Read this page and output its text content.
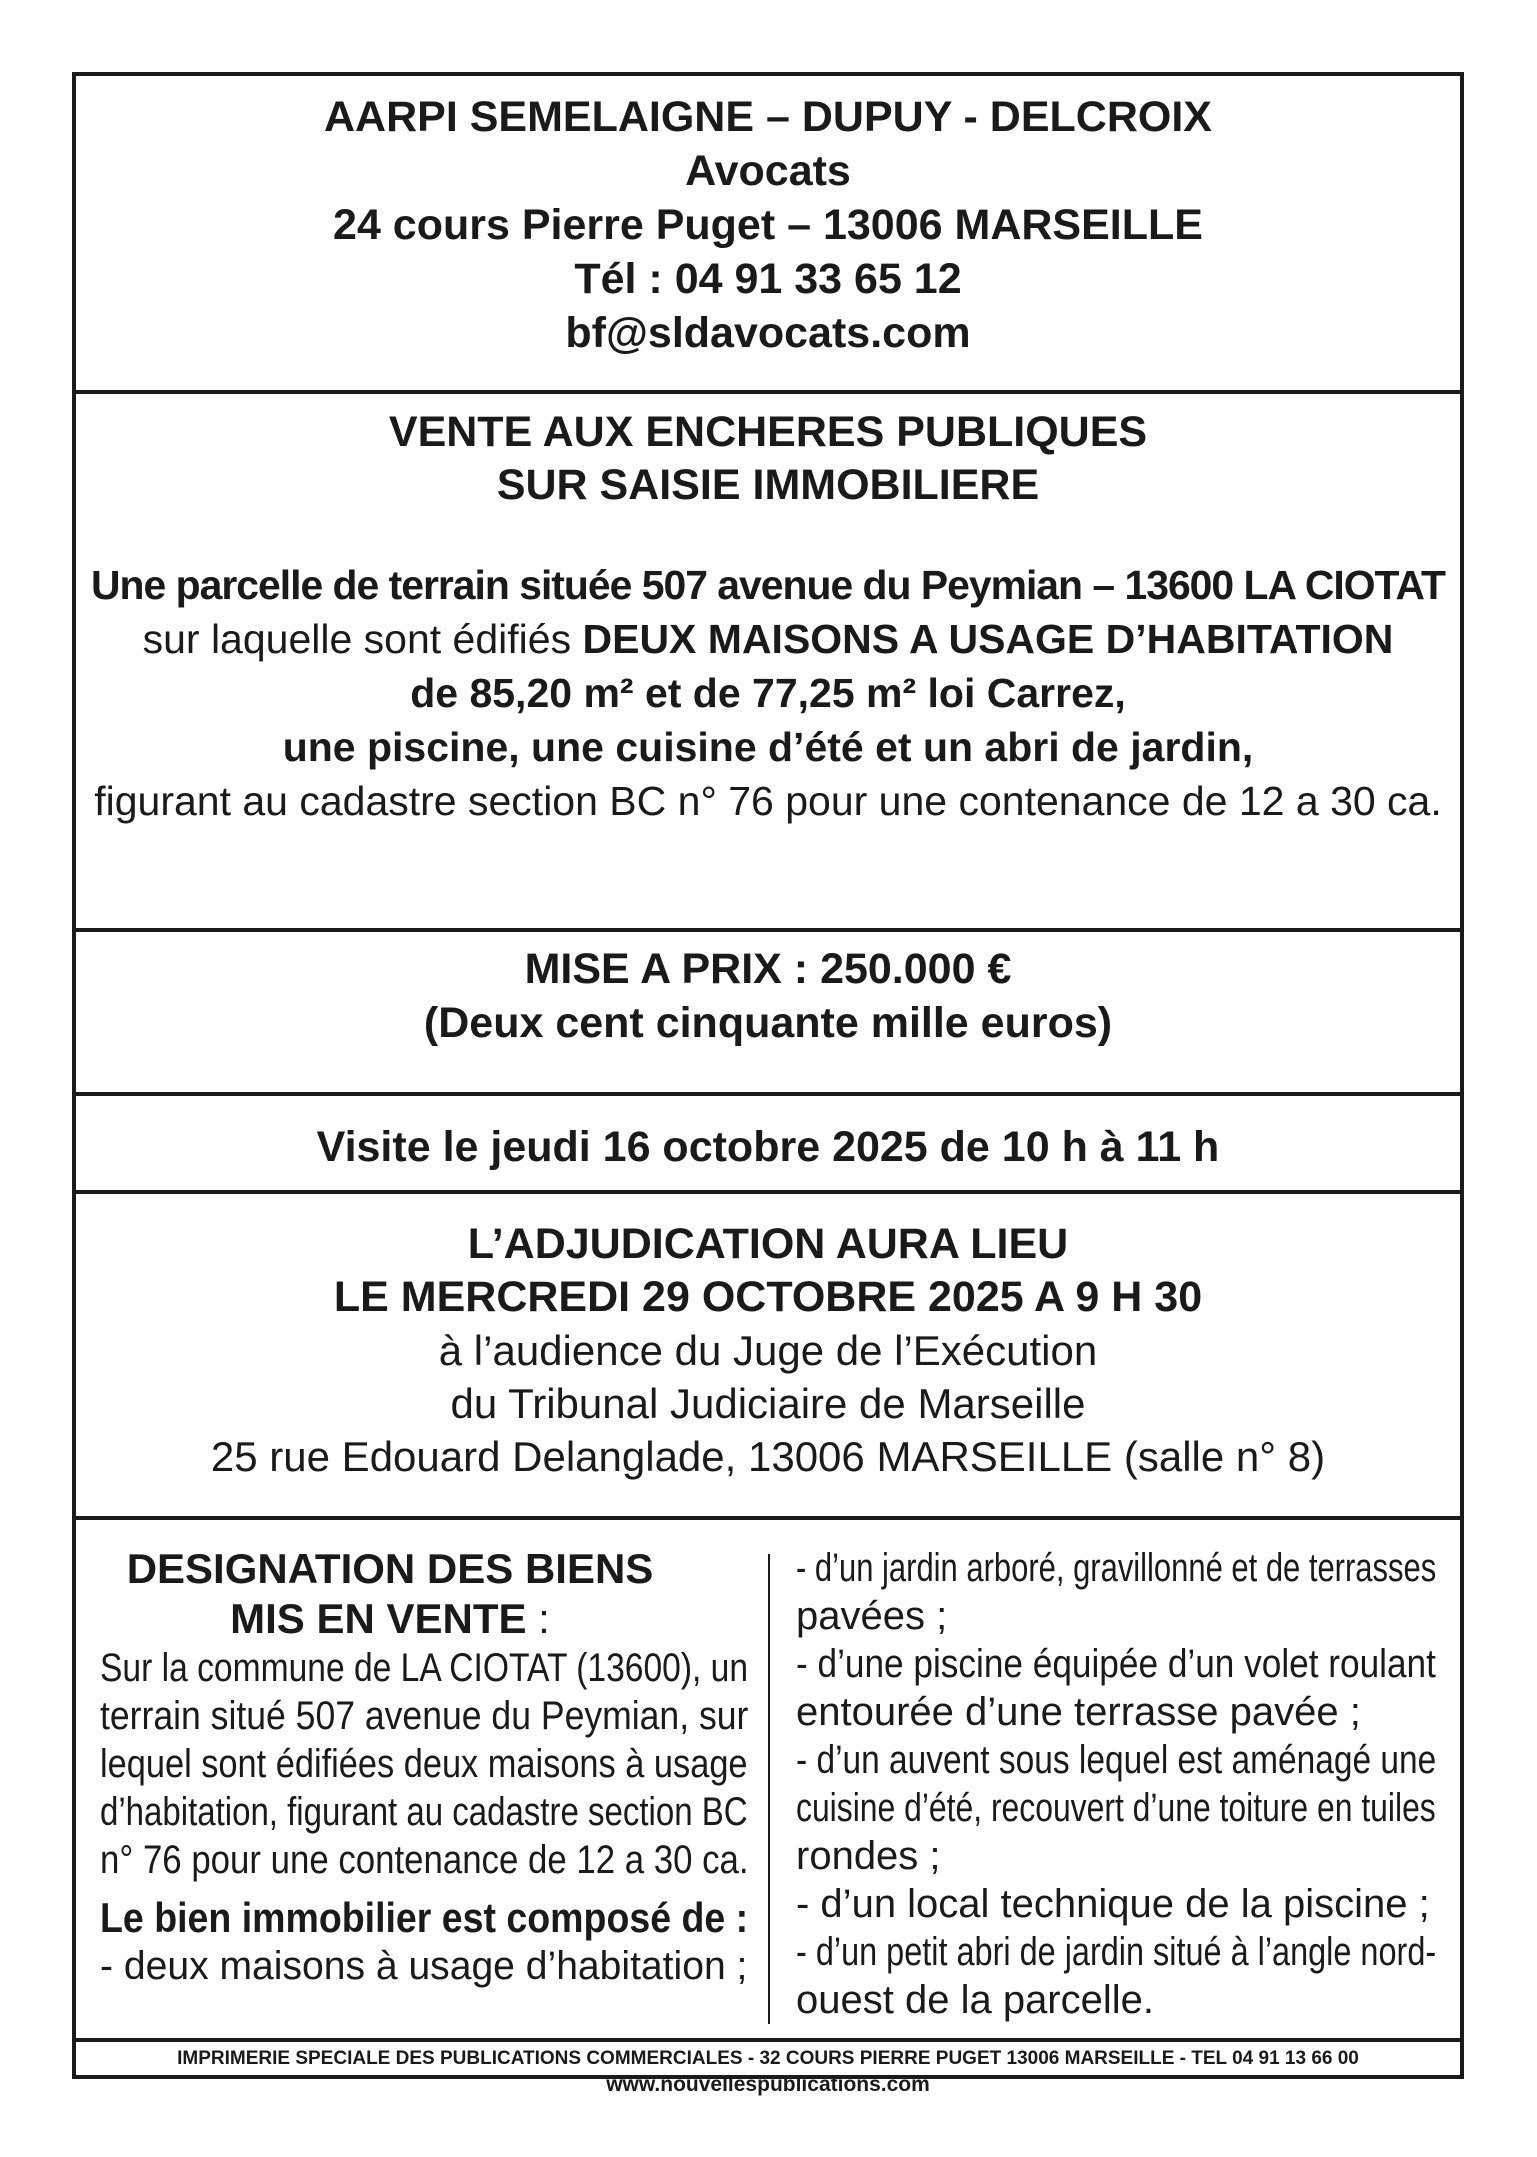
AARPI SEMELAIGNE – DUPUY - DELCROIX
Avocats
24 cours Pierre Puget – 13006 MARSEILLE
Tél : 04 91 33 65 12
bf@sldavocats.com
VENTE AUX ENCHERES PUBLIQUES
SUR SAISIE IMMOBILIERE
Une parcelle de terrain située 507 avenue du Peymian – 13600 LA CIOTAT
sur laquelle sont édifiés DEUX MAISONS A USAGE D’HABITATION
de 85,20 m² et de 77,25 m² loi Carrez,
une piscine, une cuisine d’été et un abri de jardin,
figurant au cadastre section BC n° 76 pour une contenance de 12 a 30 ca.
MISE A PRIX : 250.000 €
(Deux cent cinquante mille euros)
Visite le jeudi 16 octobre 2025 de 10 h à 11 h
L’ADJUDICATION AURA LIEU
LE MERCREDI 29 OCTOBRE 2025 A 9 H 30
à l’audience du Juge de l’Exécution
du Tribunal Judiciaire de Marseille
25 rue Edouard Delanglade, 13006 MARSEILLE (salle n° 8)
DESIGNATION DES BIENS
MIS EN VENTE :
Sur la commune de LA CIOTAT (13600), un
terrain situé 507 avenue du Peymian, sur
lequel sont édifiées deux maisons à usage
d’habitation, figurant au cadastre section BC
n° 76 pour une contenance de 12 a 30 ca.
Le bien immobilier est composé de :
- deux maisons à usage d’habitation ;
- d’un jardin arboré, gravillonné et de terrasses
pavées ;
- d’une piscine équipée d’un volet roulant
entourée d’une terrasse pavée ;
- d’un auvent sous lequel est aménagé une
cuisine d’été, recouvert d’une toiture en tuiles
rondes ;
- d’un local technique de la piscine ;
- d’un petit abri de jardin situé à l’angle nord-
ouest de la parcelle.
IMPRIMERIE SPECIALE DES PUBLICATIONS COMMERCIALES - 32 COURS PIERRE PUGET 13006 MARSEILLE - TEL 04 91 13 66 00
www.nouvellespublications.com
